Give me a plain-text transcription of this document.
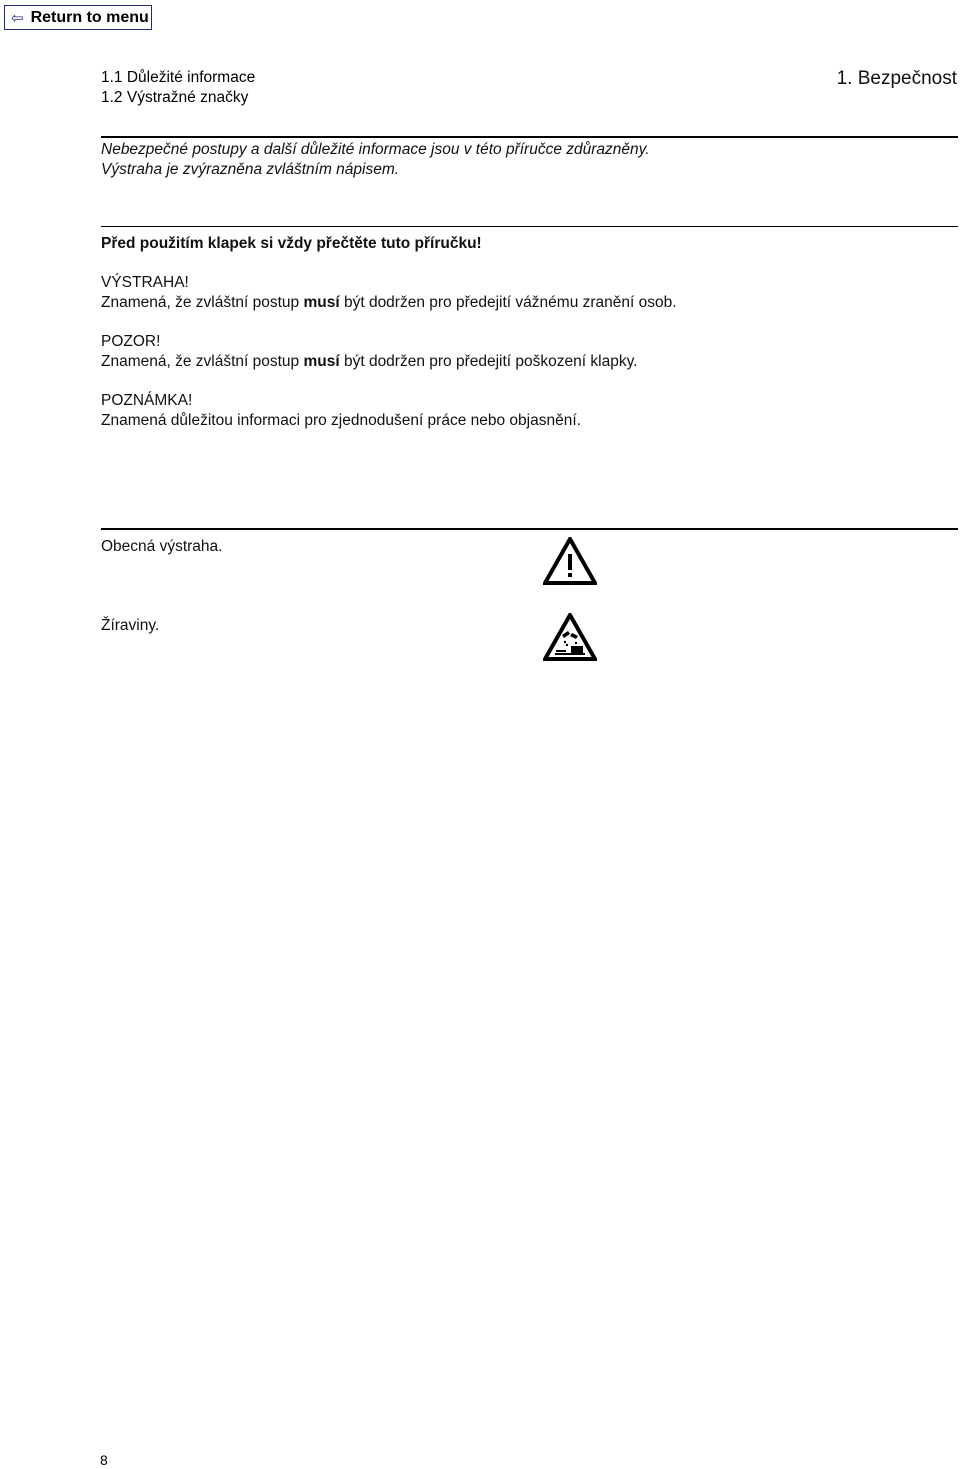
⇦ Return to menu
1.1 Důležité informace
1.2 Výstražné značky
1. Bezpečnost
Nebezpečné postupy a další důležité informace jsou v této příručce zdůrazněny.
Výstraha je zvýrazněna zvláštním nápisem.
Před použitím klapek si vždy přečtěte tuto příručku!
VÝSTRAHA!
Znamená, že zvláštní postup musí být dodržen pro předejití vážnému zranění osob.
POZOR!
Znamená, že zvláštní postup musí být dodržen pro předejití poškození klapky.
POZNÁMKA!
Znamená důležitou informaci pro zjednodušení práce nebo objasnění.
Obecná výstraha.
Žíraviny.
8
